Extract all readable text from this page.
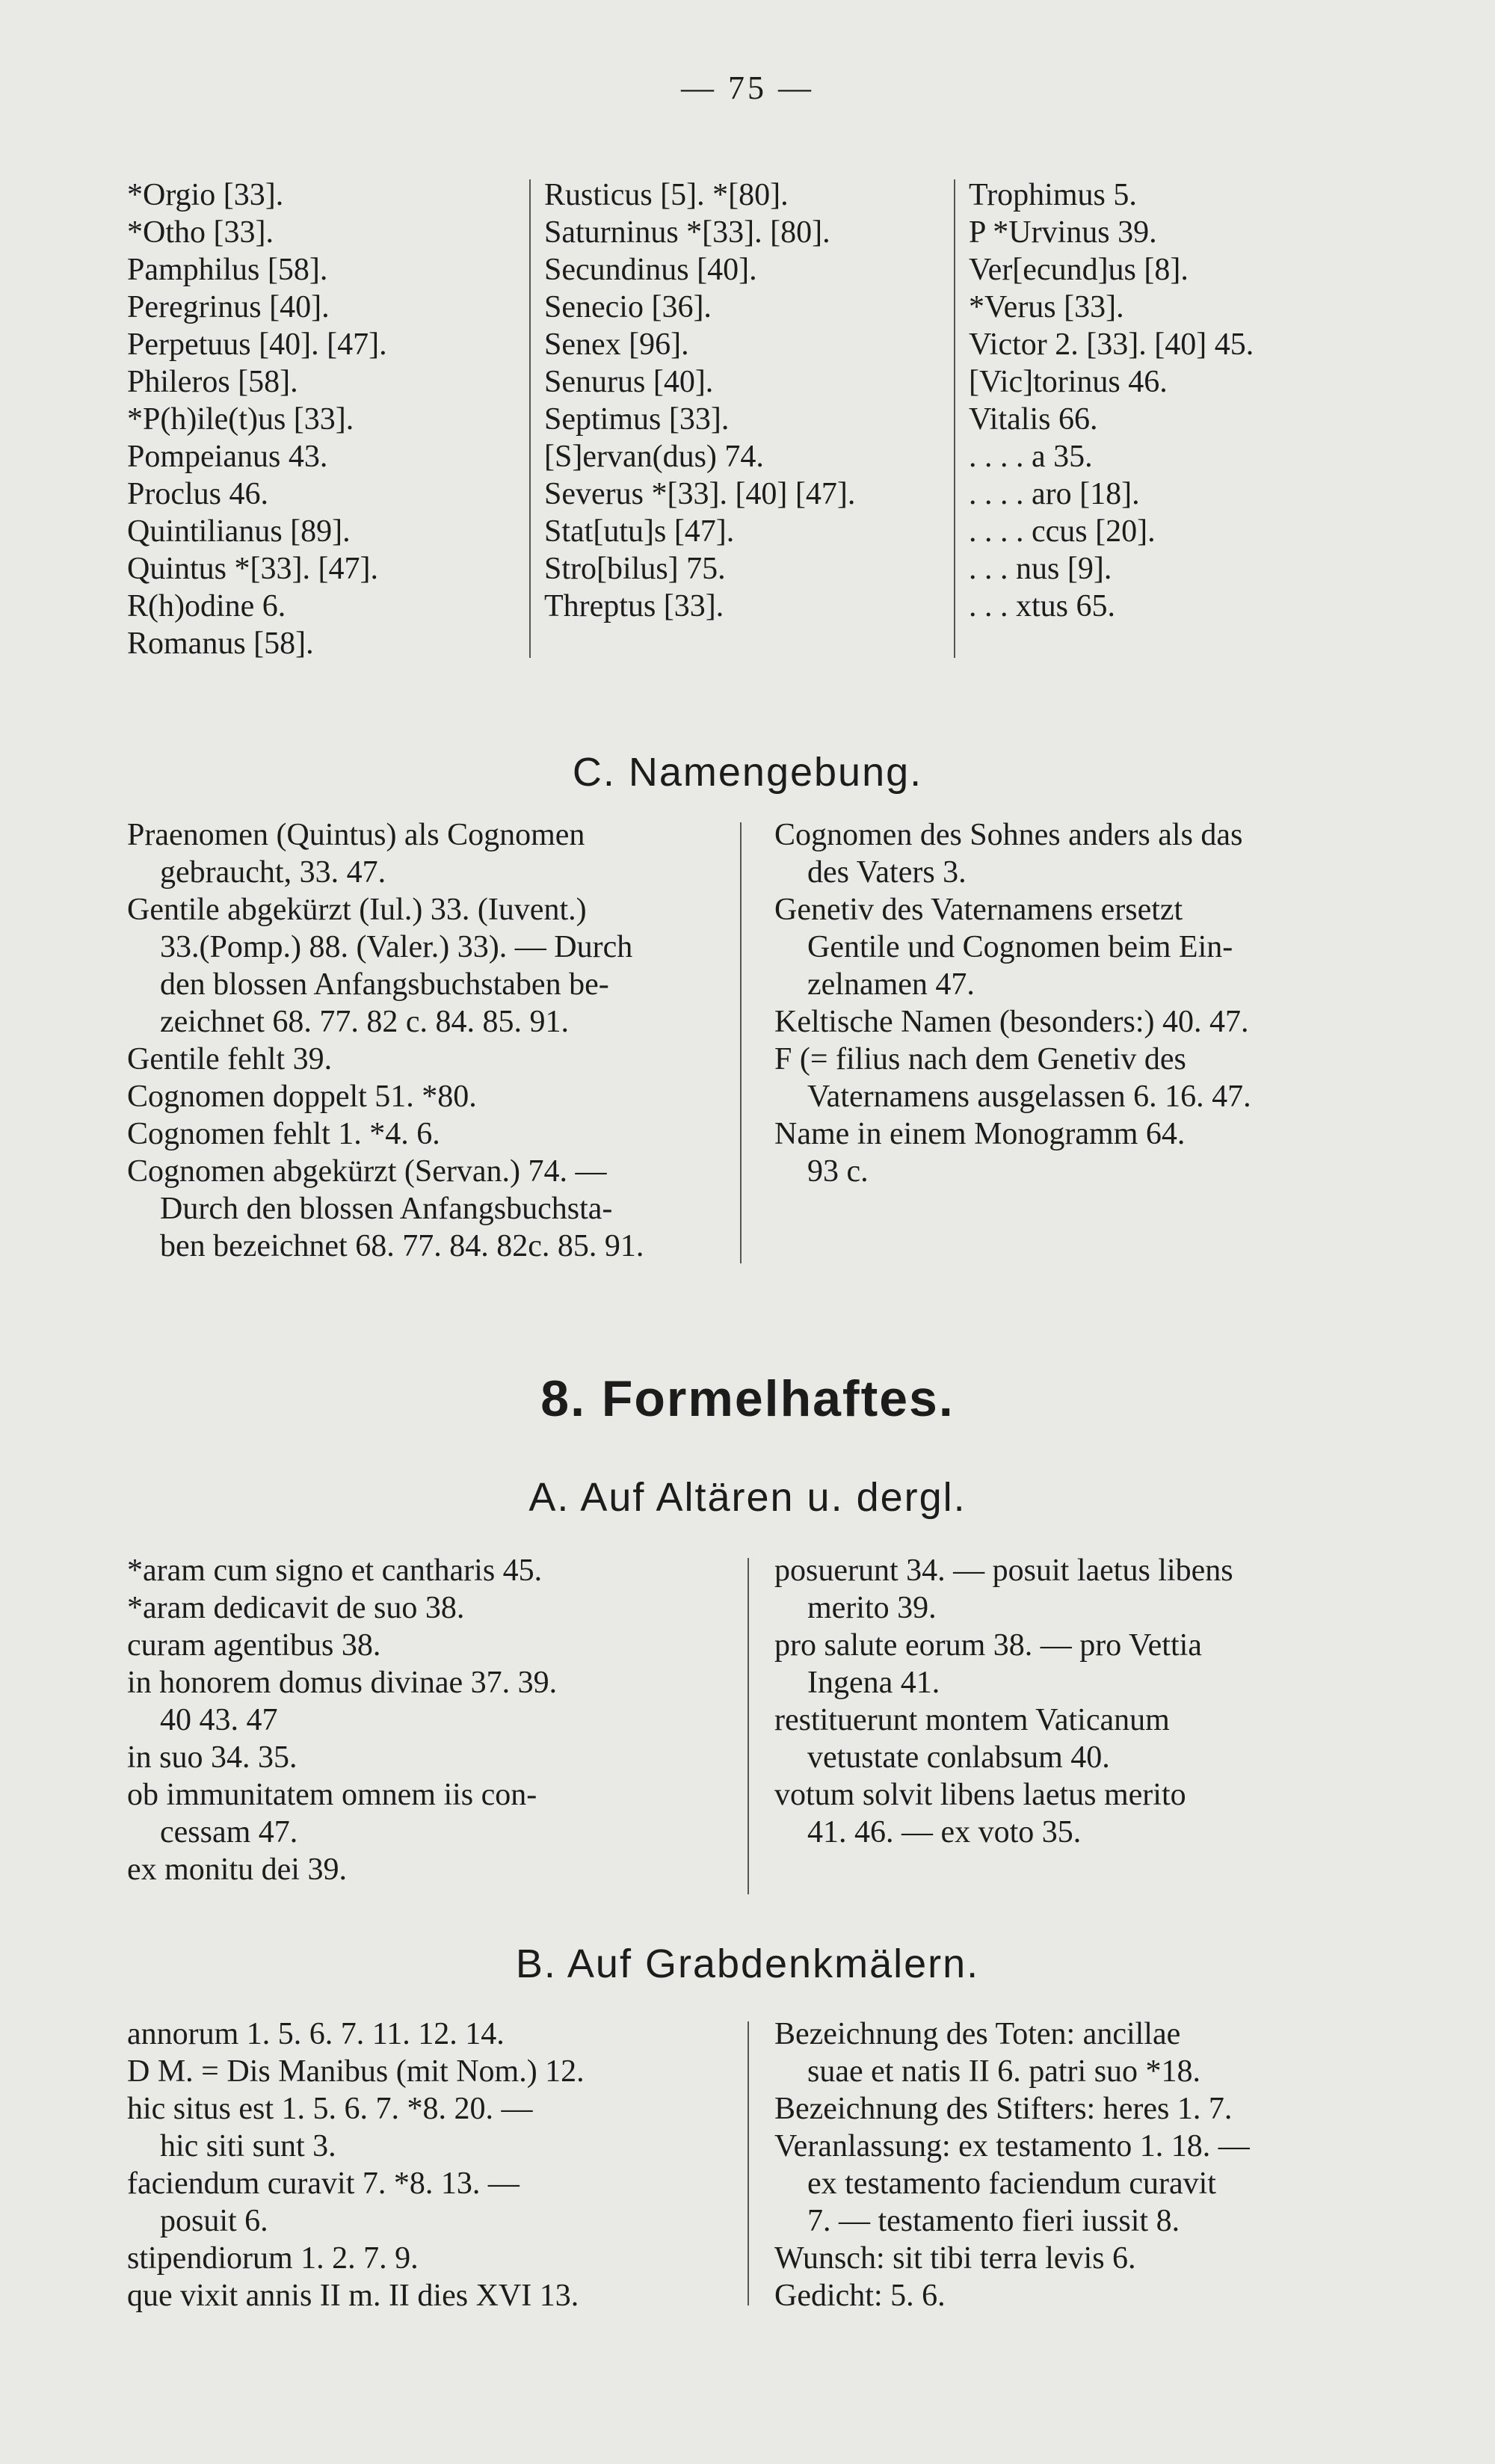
— 75 —
*Orgio [33].
*Otho [33].
Pamphilus [58].
Peregrinus [40].
Perpetuus [40]. [47].
Phileros [58].
*P(h)ile(t)us [33].
Pompeianus 43.
Proclus 46.
Quintilianus [89].
Quintus *[33]. [47].
R(h)odine 6.
Romanus [58].
Rusticus [5]. *[80].
Saturninus *[33]. [80].
Secundinus [40].
Senecio [36].
Senex [96].
Senurus [40].
Septimus [33].
[S]ervan(dus) 74.
Severus *[33]. [40] [47].
Stat[utu]s [47].
Stro[bilus] 75.
Threptus [33].
Trophimus 5.
P *Urvinus 39.
Ver[ecund]us [8].
*Verus [33].
Victor 2. [33]. [40] 45.
[Vic]torinus 46.
Vitalis 66.
. . . . a 35.
. . . . aro [18].
. . . . ccus [20].
. . . nus [9].
. . . xtus 65.
C. Namengebung.
Praenomen (Quintus) als Cognomen
gebraucht, 33. 47.
Gentile abgekürzt (Iul.) 33. (Iuvent.)
33.(Pomp.) 88. (Valer.) 33). — Durch
den blossen Anfangsbuchstaben be-
zeichnet 68. 77. 82 c. 84. 85. 91.
Gentile fehlt 39.
Cognomen doppelt 51. *80.
Cognomen fehlt 1. *4. 6.
Cognomen abgekürzt (Servan.) 74. —
Durch den blossen Anfangsbuchsta-
ben bezeichnet 68. 77. 84. 82c. 85. 91.
Cognomen des Sohnes anders als das
des Vaters 3.
Genetiv des Vaternamens ersetzt
Gentile und Cognomen beim Ein-
zelnamen 47.
Keltische Namen (besonders:) 40. 47.
F (= filius nach dem Genetiv des
Vaternamens ausgelassen 6. 16. 47.
Name in einem Monogramm 64.
93 c.
8. Formelhaftes.
A. Auf Altären u. dergl.
*aram cum signo et cantharis 45.
*aram dedicavit de suo 38.
curam agentibus 38.
in honorem domus divinae 37. 39.
40 43. 47
in suo 34. 35.
ob immunitatem omnem iis con-
cessam 47.
ex monitu dei 39.
posuerunt 34. — posuit laetus libens
merito 39.
pro salute eorum 38. — pro Vettia
Ingena 41.
restituerunt montem Vaticanum
vetustate conlabsum 40.
votum solvit libens laetus merito
41. 46. — ex voto 35.
B. Auf Grabdenkmälern.
annorum 1. 5. 6. 7. 11. 12. 14.
D M. = Dis Manibus (mit Nom.) 12.
hic situs est 1. 5. 6. 7. *8. 20. —
hic siti sunt 3.
faciendum curavit 7. *8. 13. —
posuit 6.
stipendiorum 1. 2. 7. 9.
que vixit annis II m. II dies XVI 13.
Bezeichnung des Toten: ancillae
suae et natis II 6. patri suo *18.
Bezeichnung des Stifters: heres 1. 7.
Veranlassung: ex testamento 1. 18. —
ex testamento faciendum curavit
7. — testamento fieri iussit 8.
Wunsch: sit tibi terra levis 6.
Gedicht: 5. 6.
